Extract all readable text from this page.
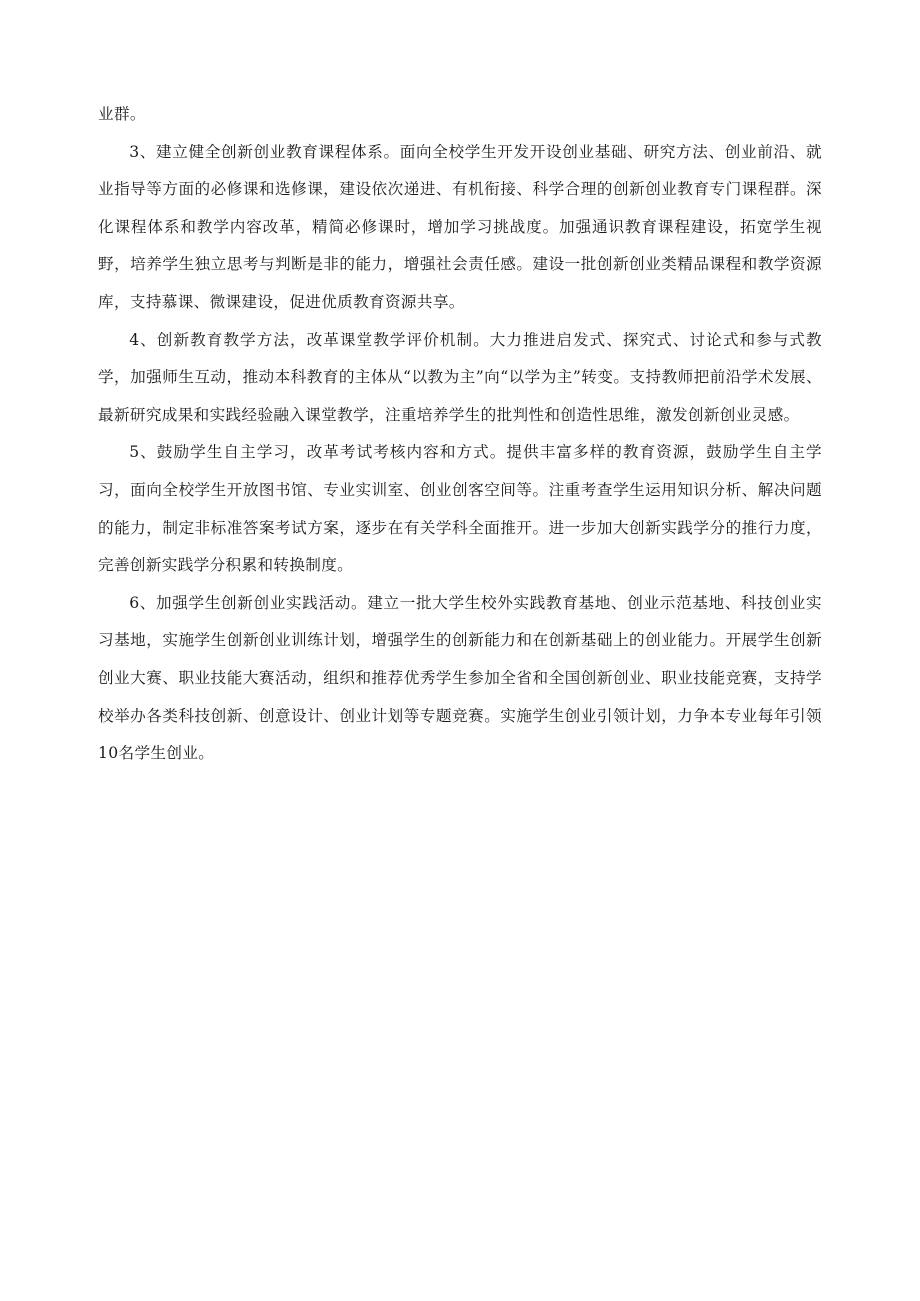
业群。

3、建立健全创新创业教育课程体系。面向全校学生开发开设创业基础、研究方法、创业前沿、就业指导等方面的必修课和选修课，建设依次递进、有机衔接、科学合理的创新创业教育专门课程群。深化课程体系和教学内容改革，精简必修课时，增加学习挑战度。加强通识教育课程建设，拓宽学生视野，培养学生独立思考与判断是非的能力，增强社会责任感。建设一批创新创业类精品课程和教学资源库，支持慕课、微课建设，促进优质教育资源共享。

4、创新教育教学方法，改革课堂教学评价机制。大力推进启发式、探究式、讨论式和参与式教学，加强师生互动，推动本科教育的主体从“以教为主”向“以学为主”转变。支持教师把前沿学术发展、最新研究成果和实践经验融入课堂教学，注重培养学生的批判性和创造性思维，激发创新创业灵感。

5、鼓励学生自主学习，改革考试考核内容和方式。提供丰富多样的教育资源，鼓励学生自主学习，面向全校学生开放图书馆、专业实训室、创业创客空间等。注重考查学生运用知识分析、解决问题的能力，制定非标准答案考试方案，逐步在有关学科全面推开。进一步加大创新实践学分的推行力度，完善创新实践学分积累和转换制度。

6、加强学生创新创业实践活动。建立一批大学生校外实践教育基地、创业示范基地、科技创业实习基地，实施学生创新创业训练计划，增强学生的创新能力和在创新基础上的创业能力。开展学生创新创业大赛、职业技能大赛活动，组织和推荐优秀学生参加全省和全国创新创业、职业技能竞赛，支持学校举办各类科技创新、创意设计、创业计划等专题竞赛。实施学生创业引领计划，力争本专业每年引领10名学生创业。
